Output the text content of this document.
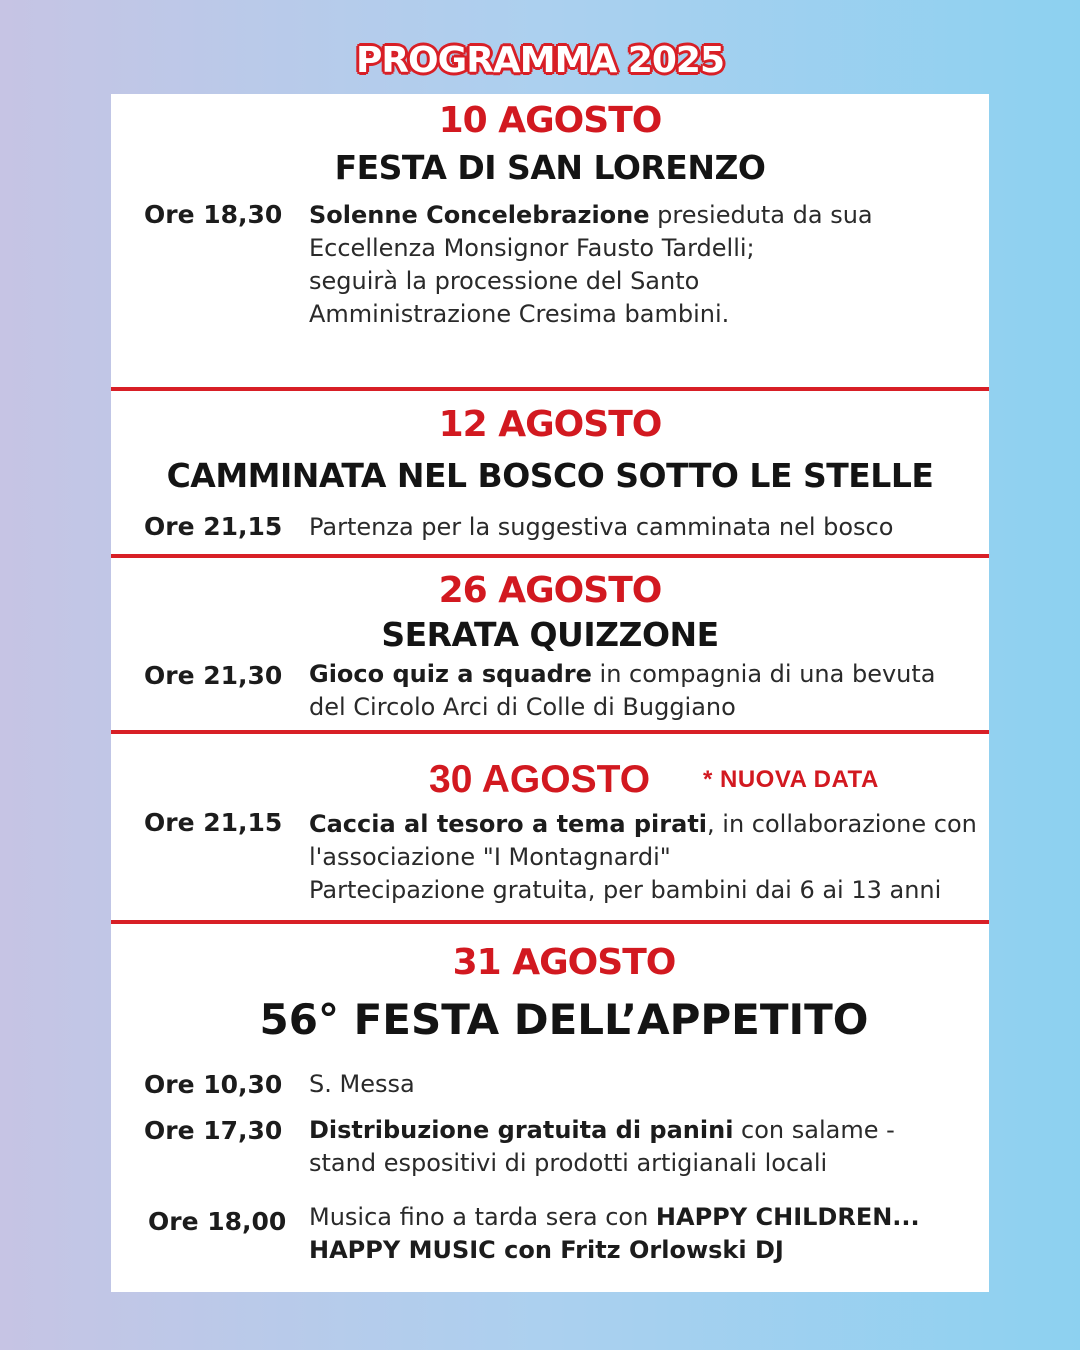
PROGRAMMA 2025
10 AGOSTO
FESTA DI SAN LORENZO
Ore 18,30 Solenne Concelebrazione presieduta da sua
Eccellenza Monsignor Fausto Tardelli;
seguirà la processione del Santo
Amministrazione Cresima bambini.
12 AGOSTO
CAMMINATA NEL BOSCO SOTTO LE STELLE
Ore 21,15 Partenza per la suggestiva camminata nel bosco
26 AGOSTO
SERATA QUIZZONE
Ore 21,30 Gioco quiz a squadre in compagnia di una bevuta
del Circolo Arci di Colle di Buggiano
30 AGOSTO * NUOVA DATA
Ore 21,15 Caccia al tesoro a tema pirati, in collaborazione con
l'associazione "I Montagnardi"
Partecipazione gratuita, per bambini dai 6 ai 13 anni
31 AGOSTO
56° FESTA DELL’APPETITO
Ore 10,30 S. Messa
Ore 17,30 Distribuzione gratuita di panini con salame -
stand espositivi di prodotti artigianali locali
Ore 18,00 Musica fino a tarda sera con HAPPY CHILDREN...
HAPPY MUSIC con Fritz Orlowski DJ
